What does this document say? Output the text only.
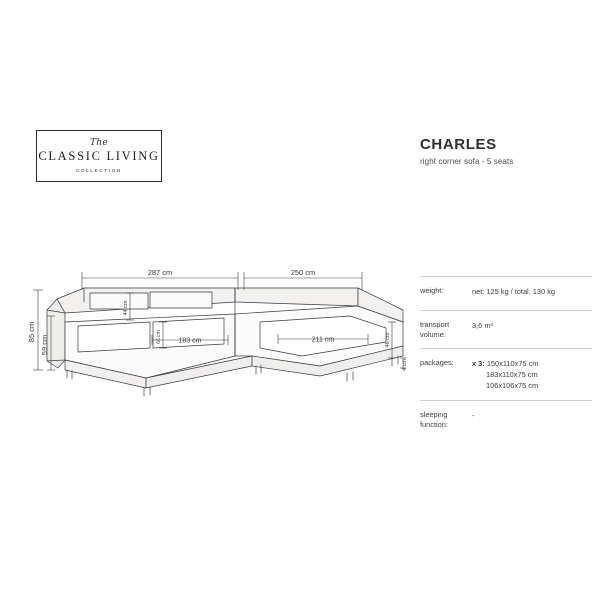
The
CLASSIC LIVING
COLLECTION
CHARLES
right corner sofa - 5 seats
weight:	net: 125 kg / total: 130 kg
transport
volume:
3,6 m³
packages:	x 3: 150x110x75 cm
183x110x75 cm
106x106x75 cm
sleeping
function:
-
287 cm	250 cm
85 cm
59 cm
44 cm
66 cm 183 cm	211 cm	46 cm
4 cm
